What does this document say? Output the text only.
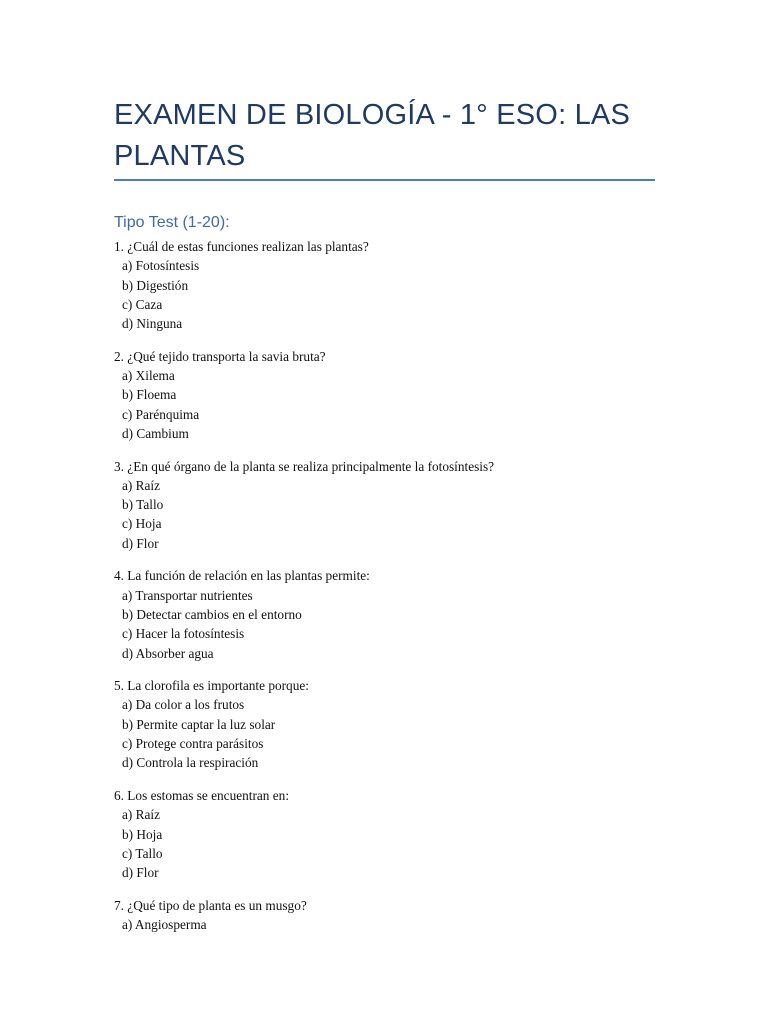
EXAMEN DE BIOLOGÍA - 1° ESO: LAS PLANTAS
Tipo Test (1-20):
1. ¿Cuál de estas funciones realizan las plantas?
a) Fotosíntesis
b) Digestión
c) Caza
d) Ninguna
2. ¿Qué tejido transporta la savia bruta?
a) Xilema
b) Floema
c) Parénquima
d) Cambium
3. ¿En qué órgano de la planta se realiza principalmente la fotosíntesis?
a) Raíz
b) Tallo
c) Hoja
d) Flor
4. La función de relación en las plantas permite:
a) Transportar nutrientes
b) Detectar cambios en el entorno
c) Hacer la fotosíntesis
d) Absorber agua
5. La clorofila es importante porque:
a) Da color a los frutos
b) Permite captar la luz solar
c) Protege contra parásitos
d) Controla la respiración
6. Los estomas se encuentran en:
a) Raíz
b) Hoja
c) Tallo
d) Flor
7. ¿Qué tipo de planta es un musgo?
a) Angiosperma
